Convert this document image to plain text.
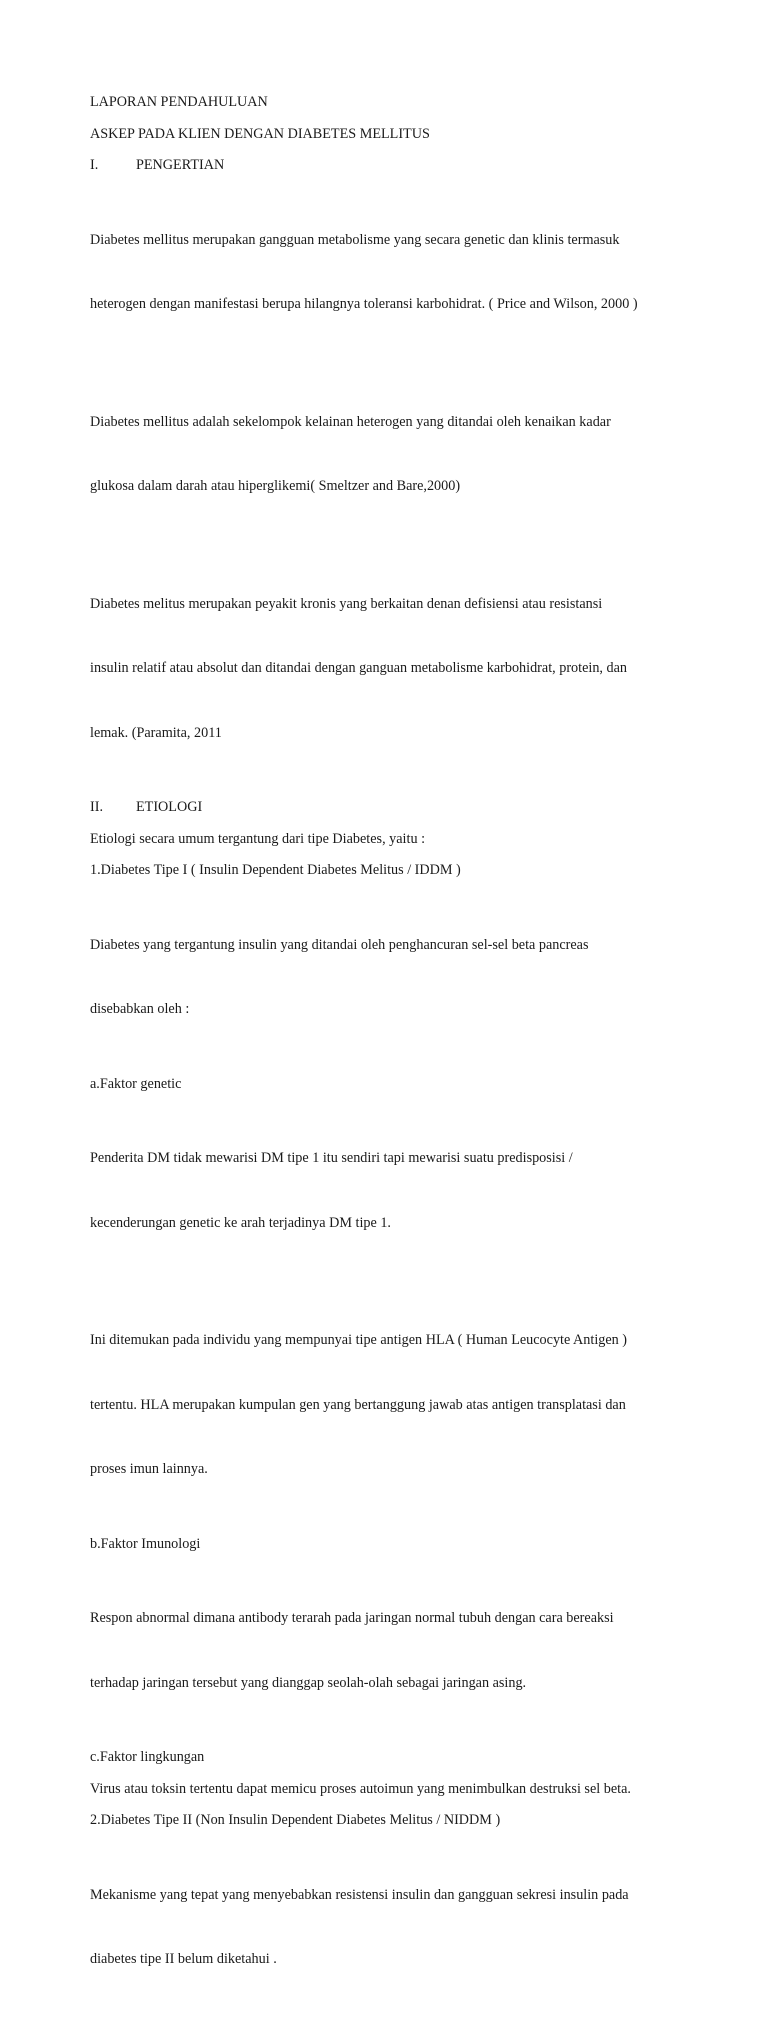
LAPORAN PENDAHULUAN
ASKEP PADA KLIEN DENGAN DIABETES MELLITUS
I.	PENGERTIAN

Diabetes mellitus merupakan gangguan metabolisme yang secara genetic dan klinis termasuk

heterogen dengan manifestasi berupa hilangnya toleransi karbohidrat. ( Price and Wilson, 2000 )

Diabetes mellitus adalah sekelompok kelainan heterogen yang ditandai oleh kenaikan kadar

glukosa dalam darah atau hiperglikemi( Smeltzer and Bare,2000)

Diabetes melitus merupakan peyakit kronis yang berkaitan denan defisiensi atau resistansi

insulin relatif atau absolut dan ditandai dengan ganguan metabolisme karbohidrat, protein, dan

lemak. (Paramita, 2011

II.	ETIOLOGI
Etiologi secara umum tergantung dari tipe Diabetes, yaitu :
1.Diabetes Tipe I ( Insulin Dependent Diabetes Melitus / IDDM )

Diabetes yang tergantung insulin yang ditandai oleh penghancuran sel-sel beta pancreas

disebabkan oleh :

a.Faktor genetic

Penderita DM tidak mewarisi DM tipe 1 itu sendiri tapi mewarisi suatu predisposisi /

kecenderungan genetic ke arah terjadinya DM tipe 1.

Ini ditemukan pada individu yang mempunyai tipe antigen HLA ( Human Leucocyte Antigen )

tertentu. HLA merupakan kumpulan gen yang bertanggung jawab atas antigen transplatasi dan

proses imun lainnya.

b.Faktor Imunologi

Respon abnormal dimana antibody terarah pada jaringan normal tubuh dengan cara bereaksi

terhadap jaringan tersebut yang dianggap seolah-olah sebagai jaringan asing.

c.Faktor lingkungan
Virus atau toksin tertentu dapat memicu proses autoimun yang menimbulkan destruksi sel beta.
2.Diabetes Tipe II (Non Insulin Dependent Diabetes Melitus / NIDDM )

Mekanisme yang tepat yang menyebabkan resistensi insulin dan gangguan sekresi insulin pada

diabetes tipe II belum diketahui .
